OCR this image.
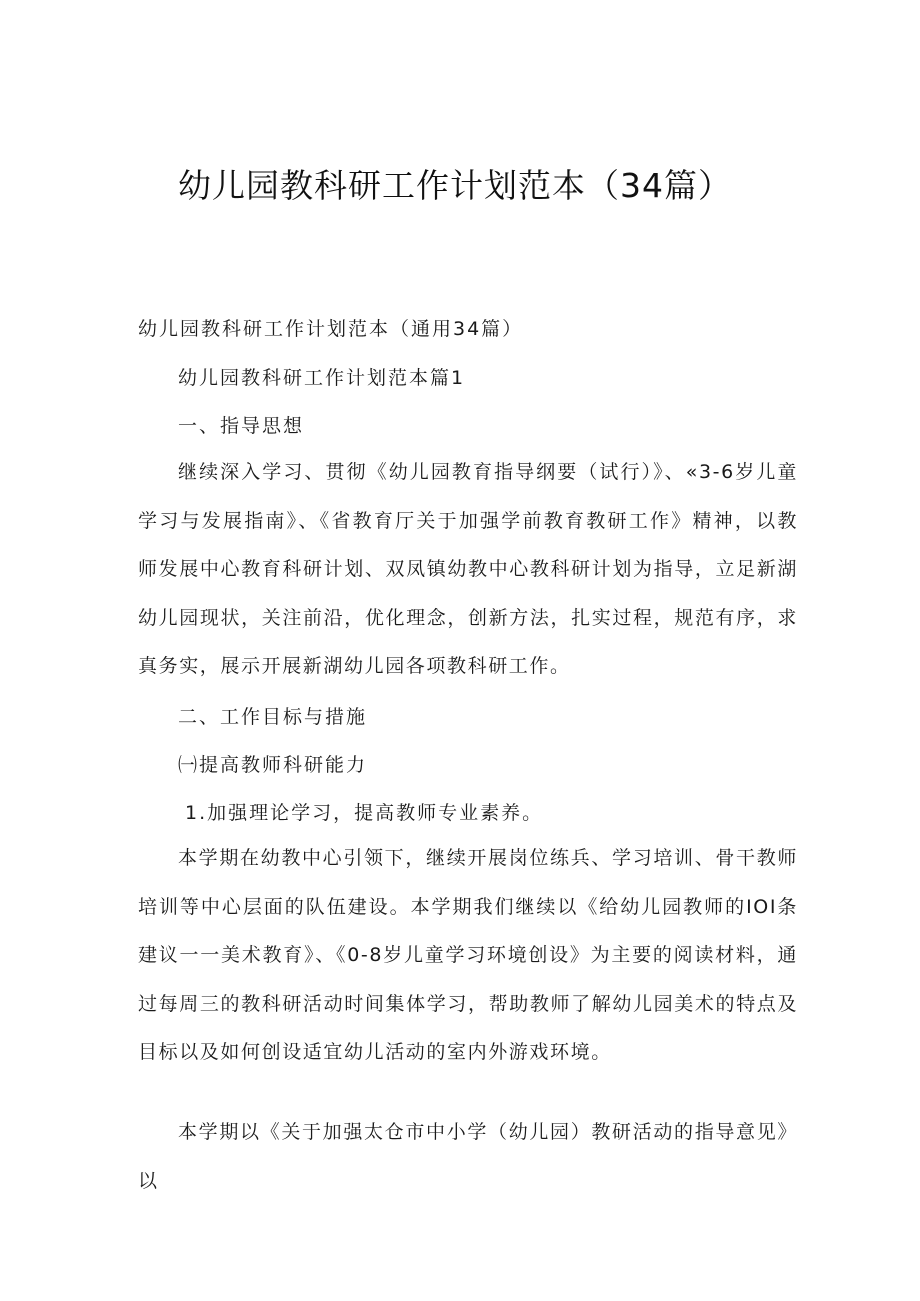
幼儿园教科研工作计划范本（34篇）
幼儿园教科研工作计划范本（通用34篇）
幼儿园教科研工作计划范本篇1
一、指导思想
继续深入学习、贯彻《幼儿园教育指导纲要（试行）》、«3-6岁儿童学习与发展指南》、《省教育厅关于加强学前教育教研工作》精神，以教师发展中心教育科研计划、双凤镇幼教中心教科研计划为指导，立足新湖幼儿园现状，关注前沿，优化理念，创新方法，扎实过程，规范有序，求真务实，展示开展新湖幼儿园各项教科研工作。
二、工作目标与措施
㈠提高教师科研能力
1.加强理论学习，提高教师专业素养。
本学期在幼教中心引领下，继续开展岗位练兵、学习培训、骨干教师培训等中心层面的队伍建设。本学期我们继续以《给幼儿园教师的IOI条建议一一美术教育》、《0-8岁儿童学习环境创设》为主要的阅读材料，通过每周三的教科研活动时间集体学习，帮助教师了解幼儿园美术的特点及目标以及如何创设适宜幼儿活动的室内外游戏环境。
本学期以《关于加强太仓市中小学（幼儿园）教研活动的指导意见》以
